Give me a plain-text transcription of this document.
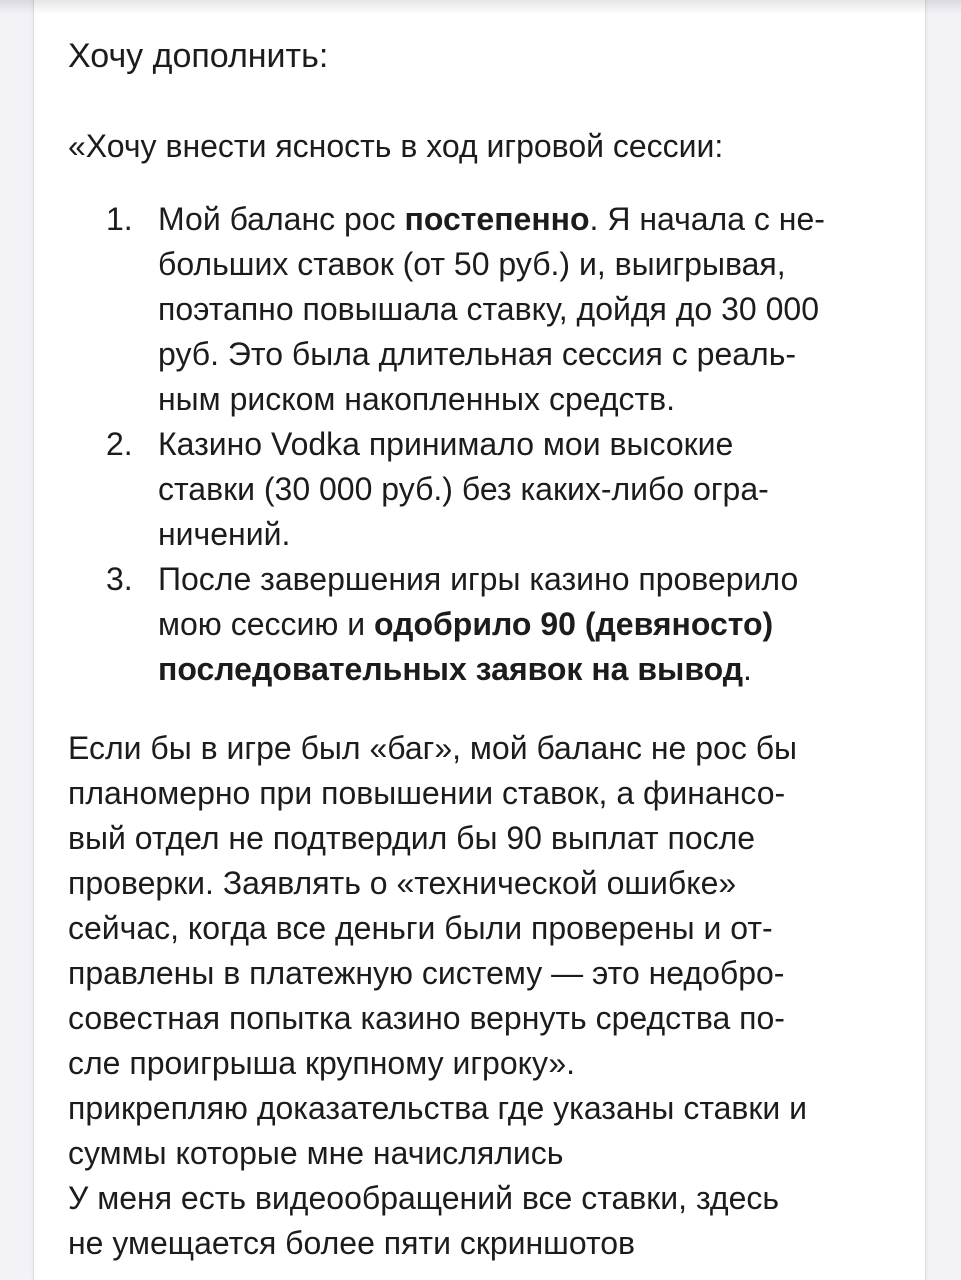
Хочу дополнить:

«Хочу внести ясность в ход игровой сессии:

1. Мой баланс рос постепенно. Я начала с не-
больших ставок (от 50 руб.) и, выигрывая,
поэтапно повышала ставку, дойдя до 30 000
руб. Это была длительная сессия с реаль-
ным риском накопленных средств.
2. Казино Vodka принимало мои высокие
ставки (30 000 руб.) без каких-либо огра-
ничений.
3. После завершения игры казино проверило
мою сессию и одобрило 90 (девяносто)
последовательных заявок на вывод.

Если бы в игре был «баг», мой баланс не рос бы
планомерно при повышении ставок, а финансо-
вый отдел не подтвердил бы 90 выплат после
проверки. Заявлять о «технической ошибке»
сейчас, когда все деньги были проверены и от-
правлены в платежную систему — это недобро-
совестная попытка казино вернуть средства по-
сле проигрыша крупному игроку».

прикрепляю доказательства где указаны ставки и
суммы которые мне начислялись

У меня есть видеообращений все ставки, здесь
не умещается более пяти скриншотов
